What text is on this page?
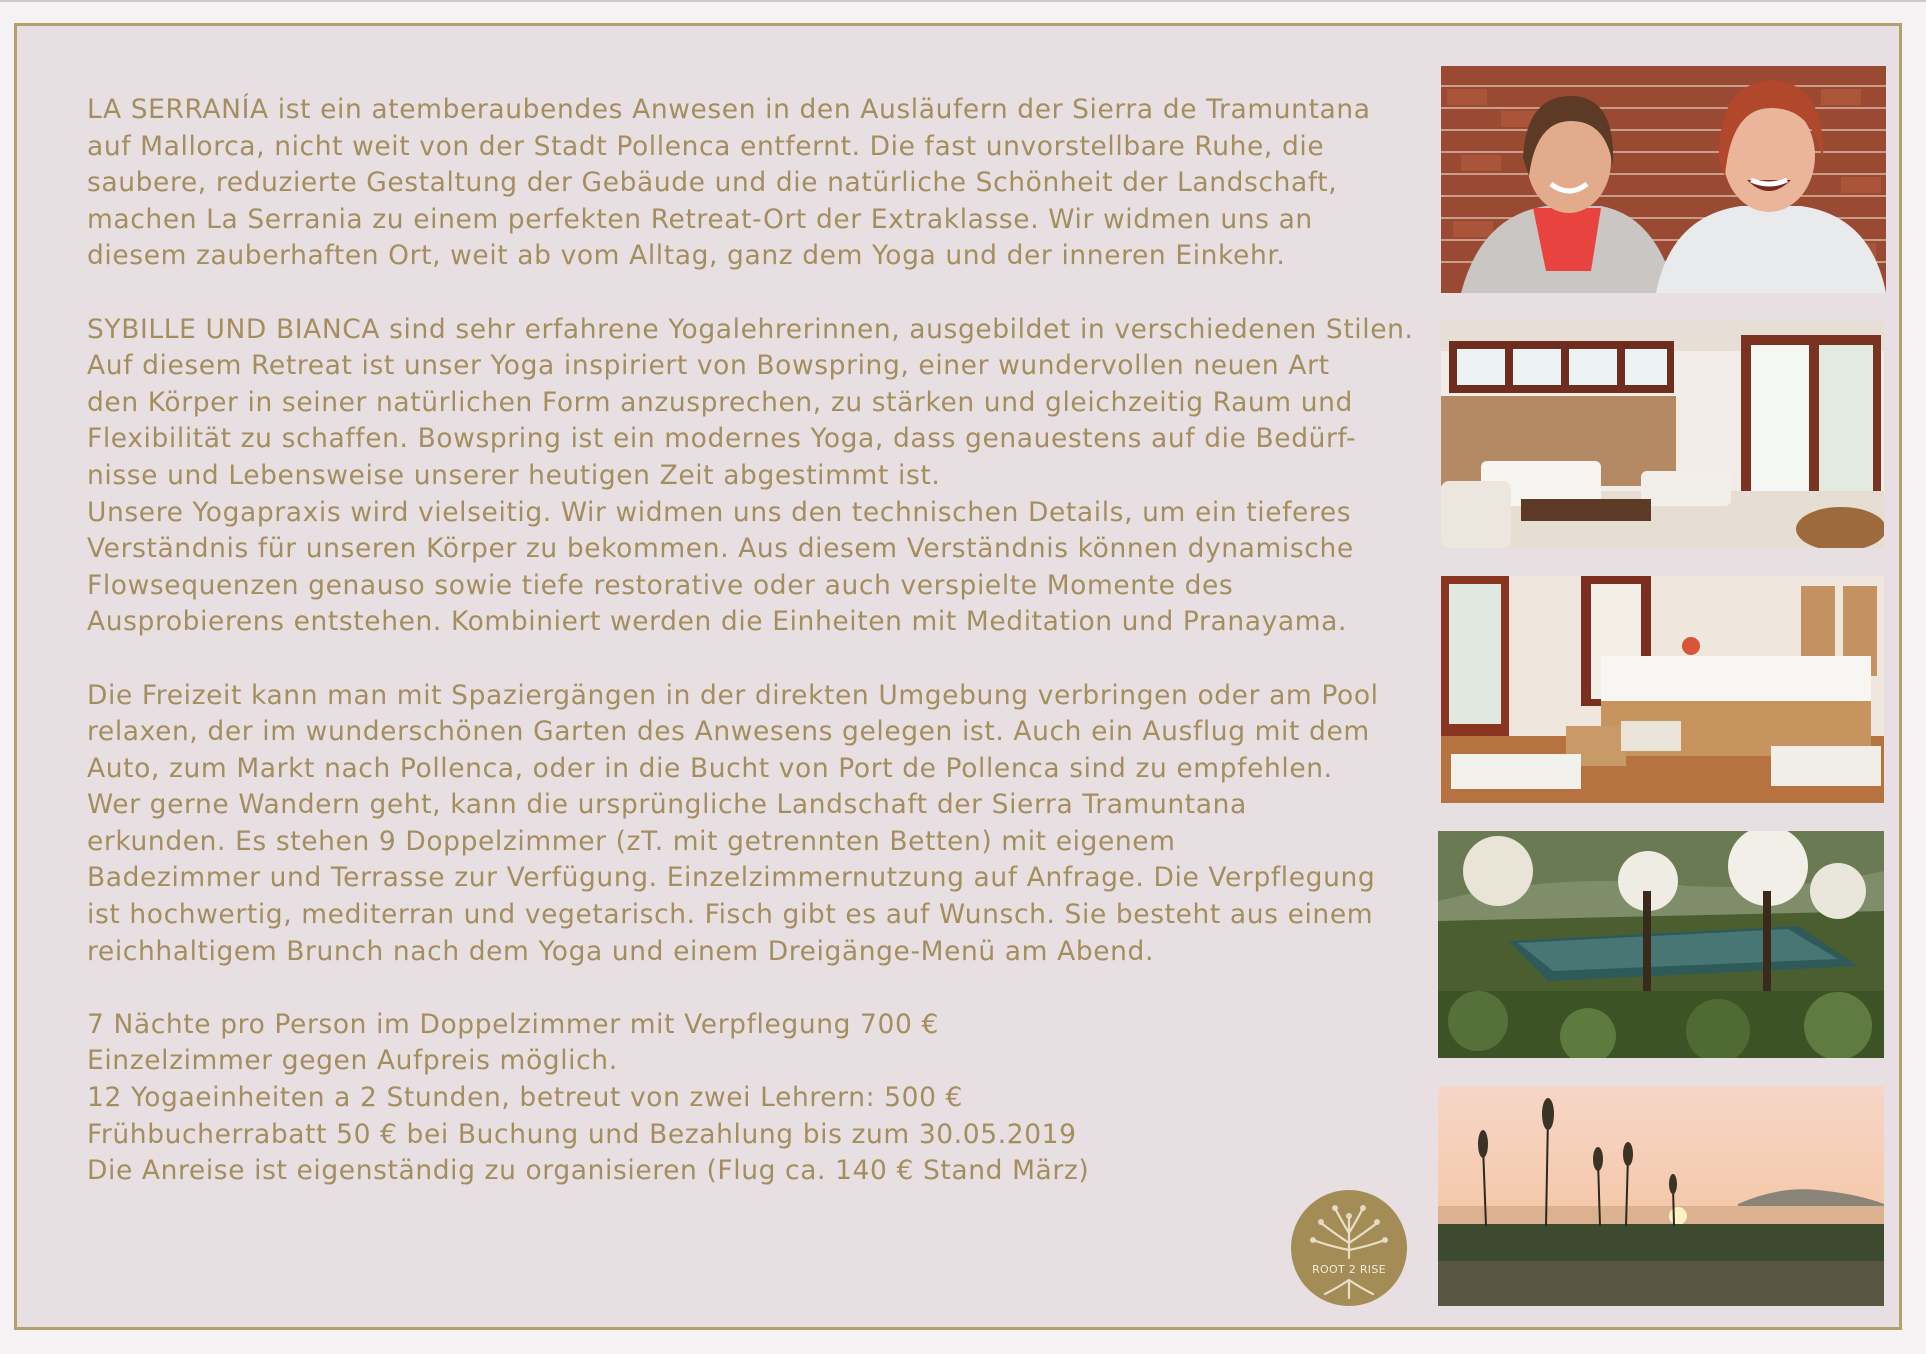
LA SERRANÍA ist ein atemberaubendes Anwesen in den Ausläufern der Sierra de Tramuntana
auf Mallorca, nicht weit von der Stadt Pollenca entfernt. Die fast unvorstellbare Ruhe, die
saubere, reduzierte Gestaltung der Gebäude und die natürliche Schönheit der Landschaft,
machen La Serrania zu einem perfekten Retreat-Ort der Extraklasse. Wir widmen uns an
diesem zauberhaften Ort, weit ab vom Alltag, ganz dem Yoga und der inneren Einkehr.

SYBILLE UND BIANCA sind sehr erfahrene Yogalehrerinnen, ausgebildet in verschiedenen Stilen.
Auf diesem Retreat ist unser Yoga inspiriert von Bowspring, einer wundervollen neuen Art
den Körper in seiner natürlichen Form anzusprechen, zu stärken und gleichzeitig Raum und
Flexibilität zu schaffen. Bowspring ist ein modernes Yoga, dass genauestens auf die Bedürf-
nisse und Lebensweise unserer heutigen Zeit abgestimmt ist.
Unsere Yogapraxis wird vielseitig. Wir widmen uns den technischen Details, um ein tieferes
Verständnis für unseren Körper zu bekommen. Aus diesem Verständnis können dynamische
Flowsequenzen genauso sowie tiefe restorative oder auch verspielte Momente des
Ausprobierens entstehen. Kombiniert werden die Einheiten mit Meditation und Pranayama.

Die Freizeit kann man mit Spaziergängen in der direkten Umgebung verbringen oder am Pool
relaxen, der im wunderschönen Garten des Anwesens gelegen ist. Auch ein Ausflug mit dem
Auto, zum Markt nach Pollenca, oder in die Bucht von Port de Pollenca sind zu empfehlen.
Wer gerne Wandern geht, kann die ursprüngliche Landschaft der Sierra Tramuntana
erkunden. Es stehen 9 Doppelzimmer (zT. mit getrennten Betten) mit eigenem
Badezimmer und Terrasse zur Verfügung. Einzelzimmernutzung auf Anfrage. Die Verpflegung
ist hochwertig, mediterran und vegetarisch. Fisch gibt es auf Wunsch. Sie besteht aus einem
reichhaltigem Brunch nach dem Yoga und einem Dreigänge-Menü am Abend.

7 Nächte pro Person im Doppelzimmer mit Verpflegung 700 €
Einzelzimmer gegen Aufpreis möglich.
12 Yogaeinheiten a 2 Stunden, betreut von zwei Lehrern: 500 €
Frühbucherrabatt 50 € bei Buchung und Bezahlung bis zum 30.05.2019
Die Anreise ist eigenständig zu organisieren (Flug ca. 140 € Stand März)

ROOT 2 RISE
